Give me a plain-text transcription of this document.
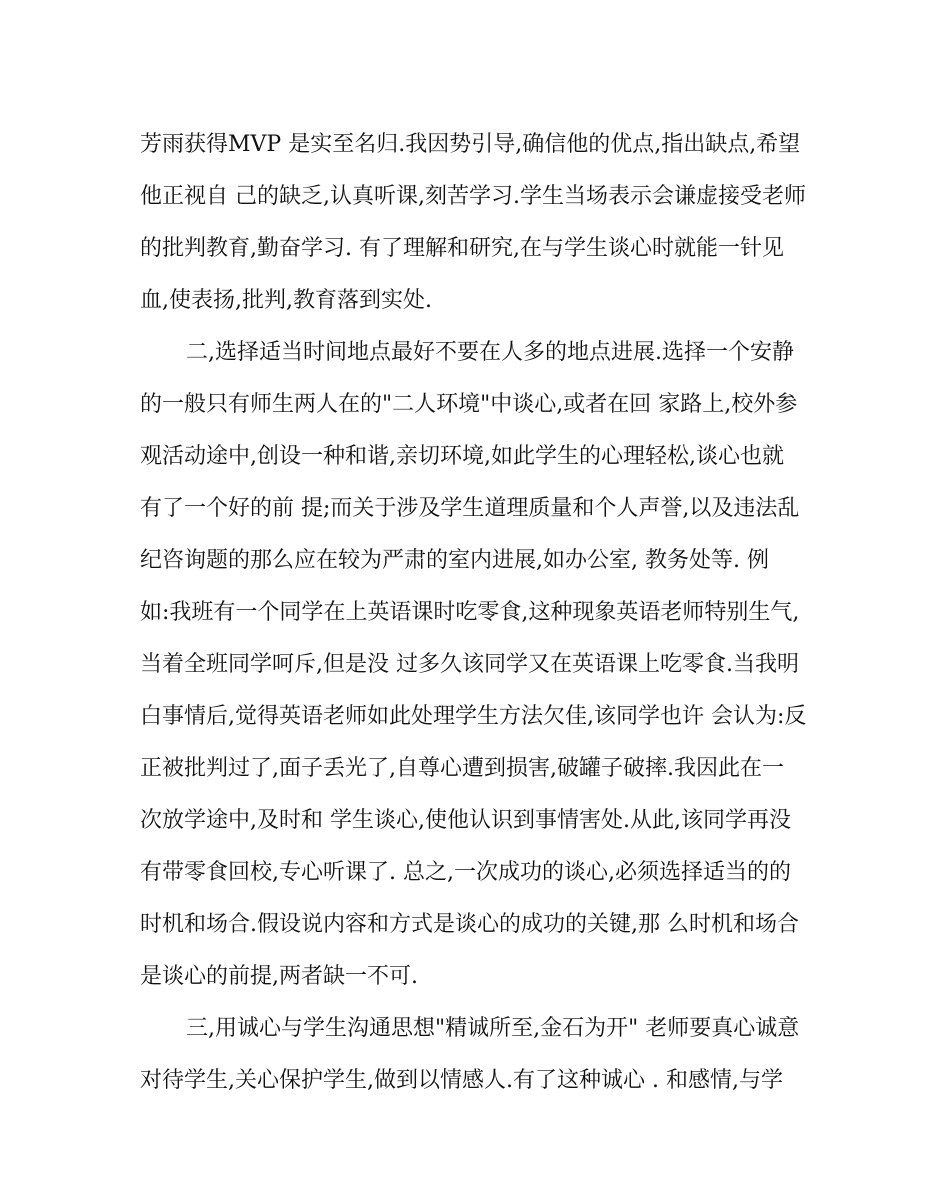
芳雨获得MVP 是实至名归.我因势引导,确信他的优点,指出缺点,希望
他正视自 己的缺乏,认真听课,刻苦学习.学生当场表示会谦虚接受老师
的批判教育,勤奋学习. 有了理解和研究,在与学生谈心时就能一针见
血,使表扬,批判,教育落到实处.
二,选择适当时间地点最好不要在人多的地点进展.选择一个安静
的一般只有师生两人在的"二人环境"中谈心,或者在回 家路上,校外参
观活动途中,创设一种和谐,亲切环境,如此学生的心理轻松,谈心也就
有了一个好的前 提;而关于涉及学生道理质量和个人声誉,以及违法乱
纪咨询题的那么应在较为严肃的室内进展,如办公室, 教务处等. 例
如:我班有一个同学在上英语课时吃零食,这种现象英语老师特别生气,
当着全班同学呵斥,但是没 过多久该同学又在英语课上吃零食.当我明
白事情后,觉得英语老师如此处理学生方法欠佳,该同学也许 会认为:反
正被批判过了,面子丢光了,自尊心遭到损害,破罐子破摔.我因此在一
次放学途中,及时和 学生谈心,使他认识到事情害处.从此,该同学再没
有带零食回校,专心听课了. 总之,一次成功的谈心,必须选择适当的的
时机和场合.假设说内容和方式是谈心的成功的关键,那 么时机和场合
是谈心的前提,两者缺一不可.
三,用诚心与学生沟通思想"精诚所至,金石为开" 老师要真心诚意
对待学生,关心保护学生,做到以情感人.有了这种诚心 . 和感情,与学
